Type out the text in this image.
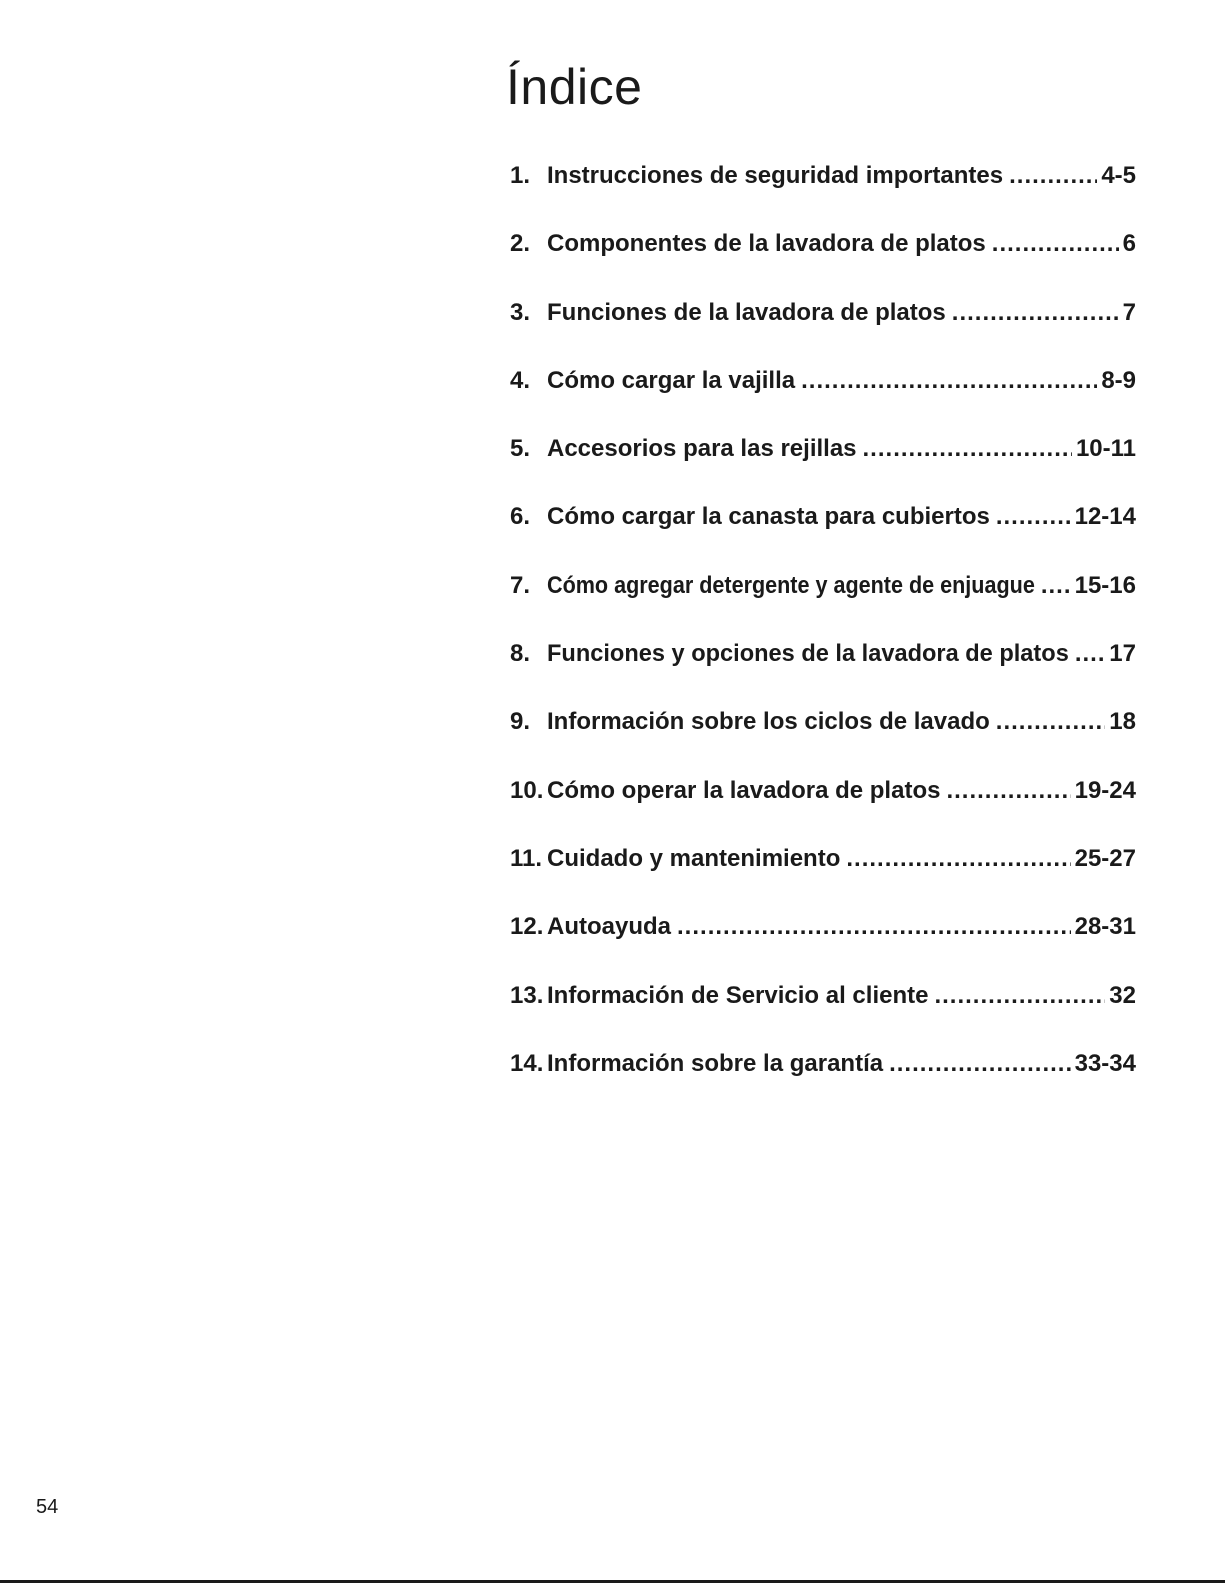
Índice
1. Instrucciones de seguridad importantes .....	4-5
2. Componentes de la lavadora de platos .....	6
3. Funciones de la lavadora de platos .....	7
4. Cómo cargar la vajilla .....	8-9
5. Accesorios para las rejillas .....	10-11
6. Cómo cargar la canasta para cubiertos .....	12-14
7. Cómo agregar detergente y agente de enjuague ..... 15-16
8. Funciones y opciones de la lavadora de platos ..... 17
9. Información sobre los ciclos de lavado .....	18
10. Cómo operar la lavadora de platos .....	19-24
11. Cuidado y mantenimiento .....	25-27
12. Autoayuda .....	28-31
13. Información de Servicio al cliente .....	32
14. Información sobre la garantía .....	33-34

54
